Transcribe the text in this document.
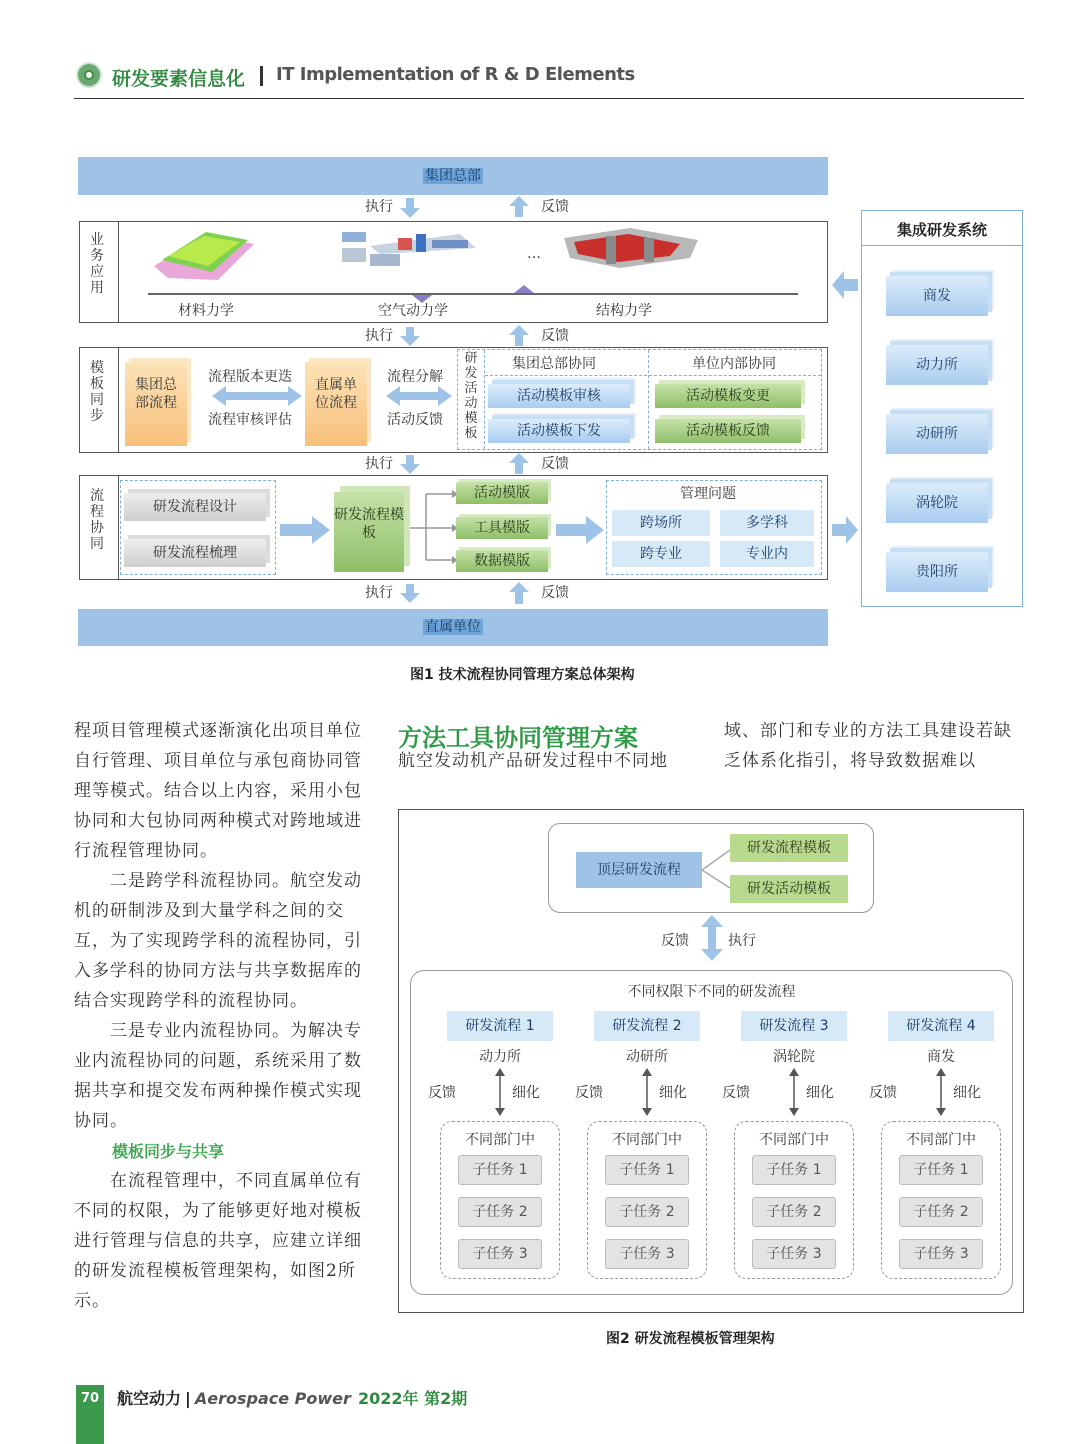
研发要素信息化 IT Implementation of R & D Elements
集团总部
执行	反馈
业务应用
…
材料力学	空气动力学	结构力学
执行	反馈
模板同步
集团总部流程
流程版本更迭
流程审核评估
直属单位流程
流程分解
活动反馈
研发活动模板
集团总部协同	单位内部协同
活动模板审核
活动模板下发
活动模板变更
活动模板反馈
执行	反馈
流程协同
研发流程设计
研发流程梳理
研发流程模板
活动模版
工具模版
数据模版
管理问题
跨场所	多学科
跨专业	专业内
执行	反馈
直属单位
集成研发系统
商发
动力所
动研所
涡轮院
贵阳所
图1 技术流程协同管理方案总体架构
程项目管理模式逐渐演化出项目单位自行管理、项目单位与承包商协同管理等模式。结合以上内容，采用小包协同和大包协同两种模式对跨地域进行流程管理协同。
二是跨学科流程协同。航空发动机的研制涉及到大量学科之间的交互，为了实现跨学科的流程协同，引入多学科的协同方法与共享数据库的结合实现跨学科的流程协同。
三是专业内流程协同。为解决专业内流程协同的问题，系统采用了数据共享和提交发布两种操作模式实现协同。
模板同步与共享
在流程管理中，不同直属单位有不同的权限，为了能够更好地对模板进行管理与信息的共享，应建立详细的研发流程模板管理架构，如图2所示。
方法工具协同管理方案
航空发动机产品研发过程中不同地
域、部门和专业的方法工具建设若缺乏体系化指引，将导致数据难以
顶层研发流程
研发流程模板
研发活动模板
反馈	执行
不同权限下不同的研发流程
研发流程 1
动力所
反馈	细化
不同部门中
子任务 1
子任务 2
子任务 3
研发流程 2
动研所
反馈	细化
不同部门中
子任务 1
子任务 2
子任务 3
研发流程 3
涡轮院
反馈	细化
不同部门中
子任务 1
子任务 2
子任务 3
研发流程 4
商发
反馈	细化
不同部门中
子任务 1
子任务 2
子任务 3
图2 研发流程模板管理架构
70	航空动力 | Aerospace Power 2022年 第2期
